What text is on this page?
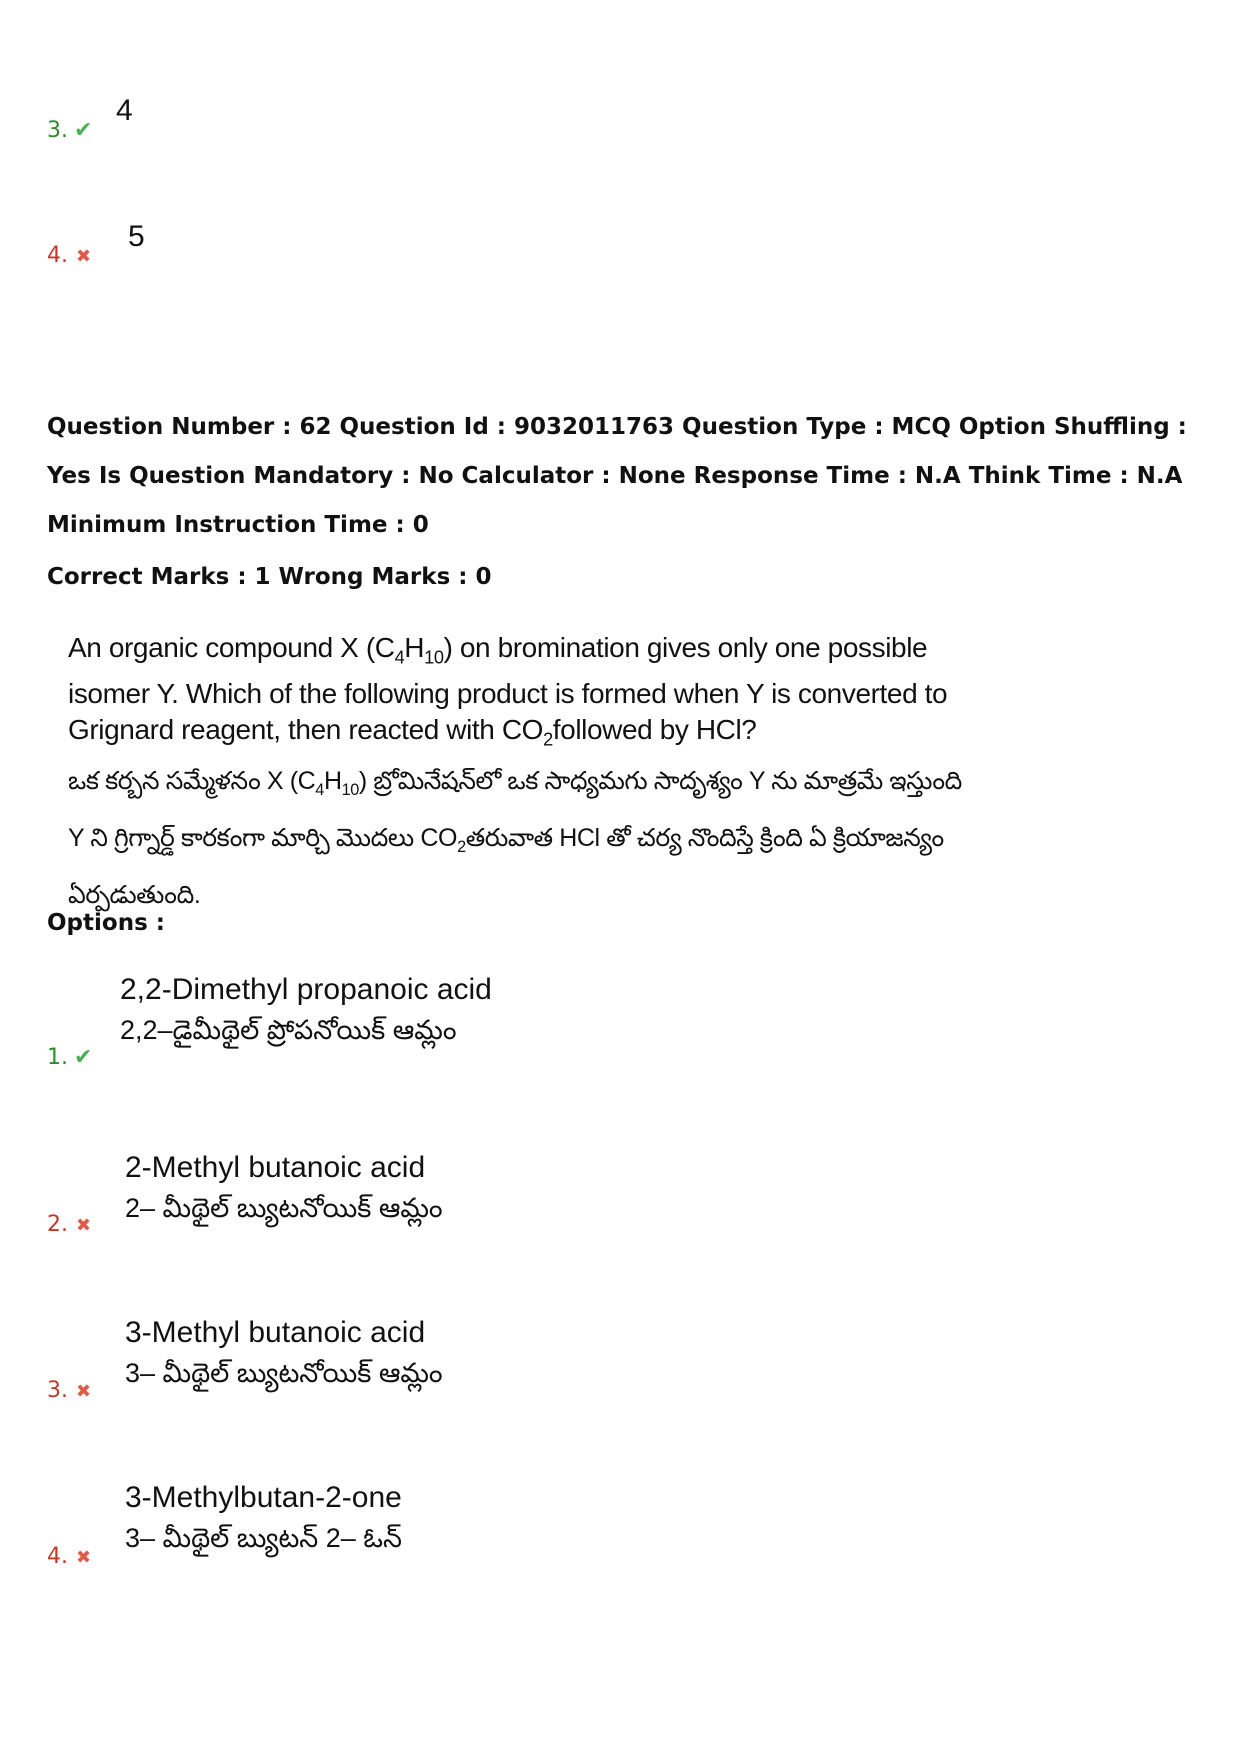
3. ✔
4
4. ✖
5
Question Number : 62 Question Id : 9032011763 Question Type : MCQ Option Shuffling : Yes Is Question Mandatory : No Calculator : None Response Time : N.A Think Time : N.A Minimum Instruction Time : 0
Correct Marks : 1 Wrong Marks : 0
An organic compound X $(C_4H_{10})$ on bromination gives only one possible isomer Y. Which of the following product is formed when Y is converted to Grignard reagent, then reacted with $CO_2followed$ by HCl?
ఒక కర్బన సమ్మేళనం X $(C_4H_{10})$ బ్రోమినేషన్‌లో ఒక సాధ్యమగు సాదృశ్యం Y ను మాత్రమే ఇస్తుంది Y ని గ్రిగ్నార్డ్ కారకంగా మార్చి మొదలు $CO_2తరువాత$ HCl తో చర్య నొందిస్తే క్రింది ఏ క్రియాజన్యం ఏర్పడుతుంది.
Options :
1. ✔
2,2-Dimethyl propanoic acid
2,2–డైమీథైల్ ప్రోపనోయిక్ ఆమ్లం
2. ✖
2-Methyl butanoic acid
2– మీథైల్ బ్యుటనోయిక్ ఆమ్లం
3. ✖
3-Methyl butanoic acid
3– మీథైల్ బ్యుటనోయిక్ ఆమ్లం
4. ✖
3-Methylbutan-2-one
3– మీథైల్ బ్యుటన్ 2– ఓన్
